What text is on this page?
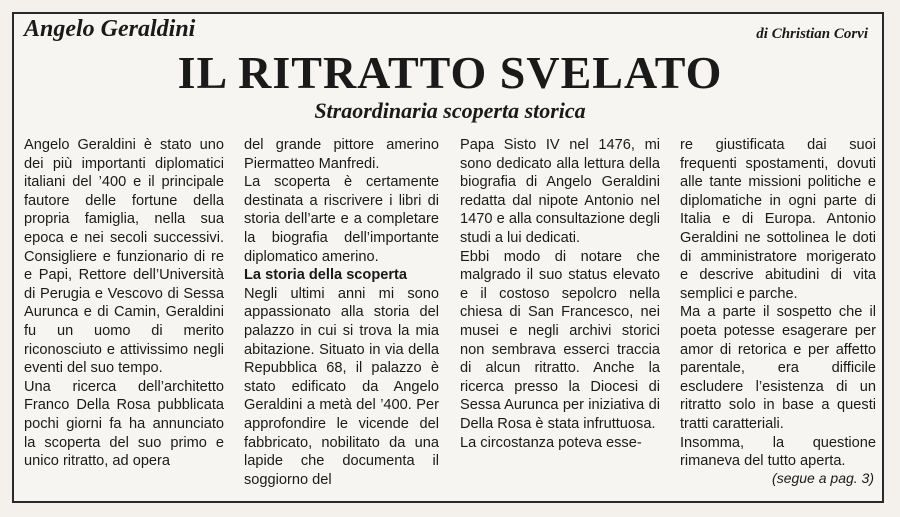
Angelo Geraldini	di Christian Corvi
IL RITRATTO SVELATO
Straordinaria scoperta storica

Angelo Geraldini è stato uno dei più importanti diplomatici italiani del ’400 e il principale fautore delle fortune della propria famiglia, nella sua epoca e nei secoli successivi. Consigliere e funzionario di re e Papi, Rettore dell’Università di Perugia e Vescovo di Sessa Aurunca e di Camin, Geraldini fu un uomo di merito riconosciuto e attivissimo negli eventi del suo tempo.

Una ricerca dell’architetto Franco Della Rosa pubblicata pochi giorni fa ha annunciato la scoperta del suo primo e unico ritratto, ad opera

del grande pittore amerino Piermatteo Manfredi.

La scoperta è certamente destinata a riscrivere i libri di storia dell’arte e a completare la biografia dell’importante diplomatico amerino.

La storia della scoperta

Negli ultimi anni mi sono appassionato alla storia del palazzo in cui si trova la mia abitazione. Situato in via della Repubblica 68, il palazzo è stato edificato da Angelo Geraldini a metà del ’400. Per approfondire le vicende del fabbricato, nobilitato da una lapide che documenta il soggiorno del

Papa Sisto IV nel 1476, mi sono dedicato alla lettura della biografia di Angelo Geraldini redatta dal nipote Antonio nel 1470 e alla consultazione degli studi a lui dedicati.

Ebbi modo di notare che malgrado il suo status elevato e il costoso sepolcro nella chiesa di San Francesco, nei musei e negli archivi storici non sembrava esserci traccia di alcun ritratto. Anche la ricerca presso la Diocesi di Sessa Aurunca per iniziativa di Della Rosa è stata infruttuosa.

La circostanza poteva esse-

re giustificata dai suoi frequenti spostamenti, dovuti alle tante missioni politiche e diplomatiche in ogni parte di Italia e di Europa. Antonio Geraldini ne sottolinea le doti di amministratore morigerato e descrive abitudini di vita semplici e parche.

Ma a parte il sospetto che il poeta potesse esagerare per amor di retorica e per affetto parentale, era difficile escludere l’esistenza di un ritratto solo in base a questi tratti caratteriali.

Insomma, la questione rimaneva del tutto aperta.

(segue a pag. 3)
